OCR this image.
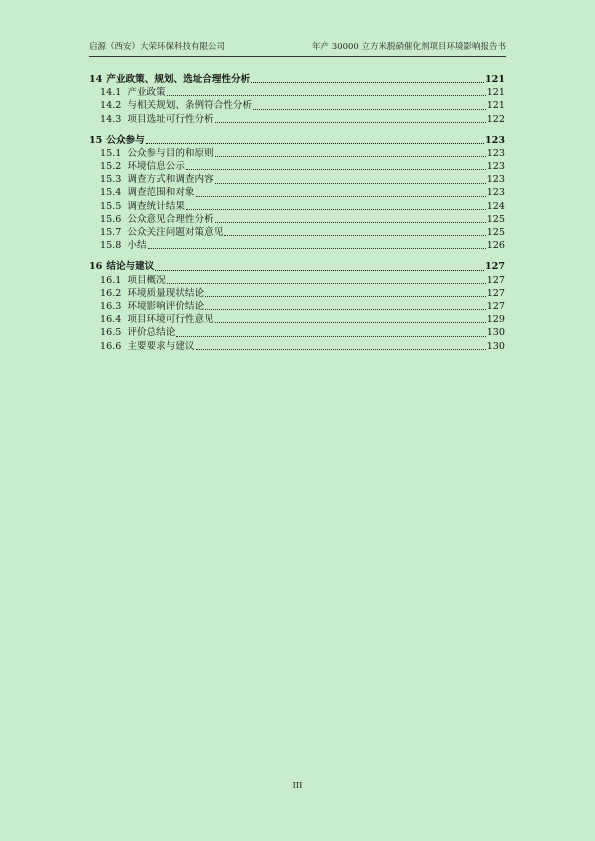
启源（西安）大荣环保科技有限公司	年产 30000 立方米脱硝催化剂项目环境影响报告书
14 产业政策、规划、选址合理性分析	121
14.1 产业政策	121
14.2 与相关规划、条例符合性分析	121
14.3 项目选址可行性分析	122
15 公众参与	123
15.1 公众参与目的和原则	123
15.2 环境信息公示	123
15.3 调查方式和调查内容	123
15.4 调查范围和对象	123
15.5 调查统计结果	124
15.6 公众意见合理性分析	125
15.7 公众关注问题对策意见	125
15.8 小结	126
16 结论与建议	127
16.1 项目概况	127
16.2 环境质量现状结论	127
16.3 环境影响评价结论	127
16.4 项目环境可行性意见	129
16.5 评价总结论	130
16.6 主要要求与建议	130
III
